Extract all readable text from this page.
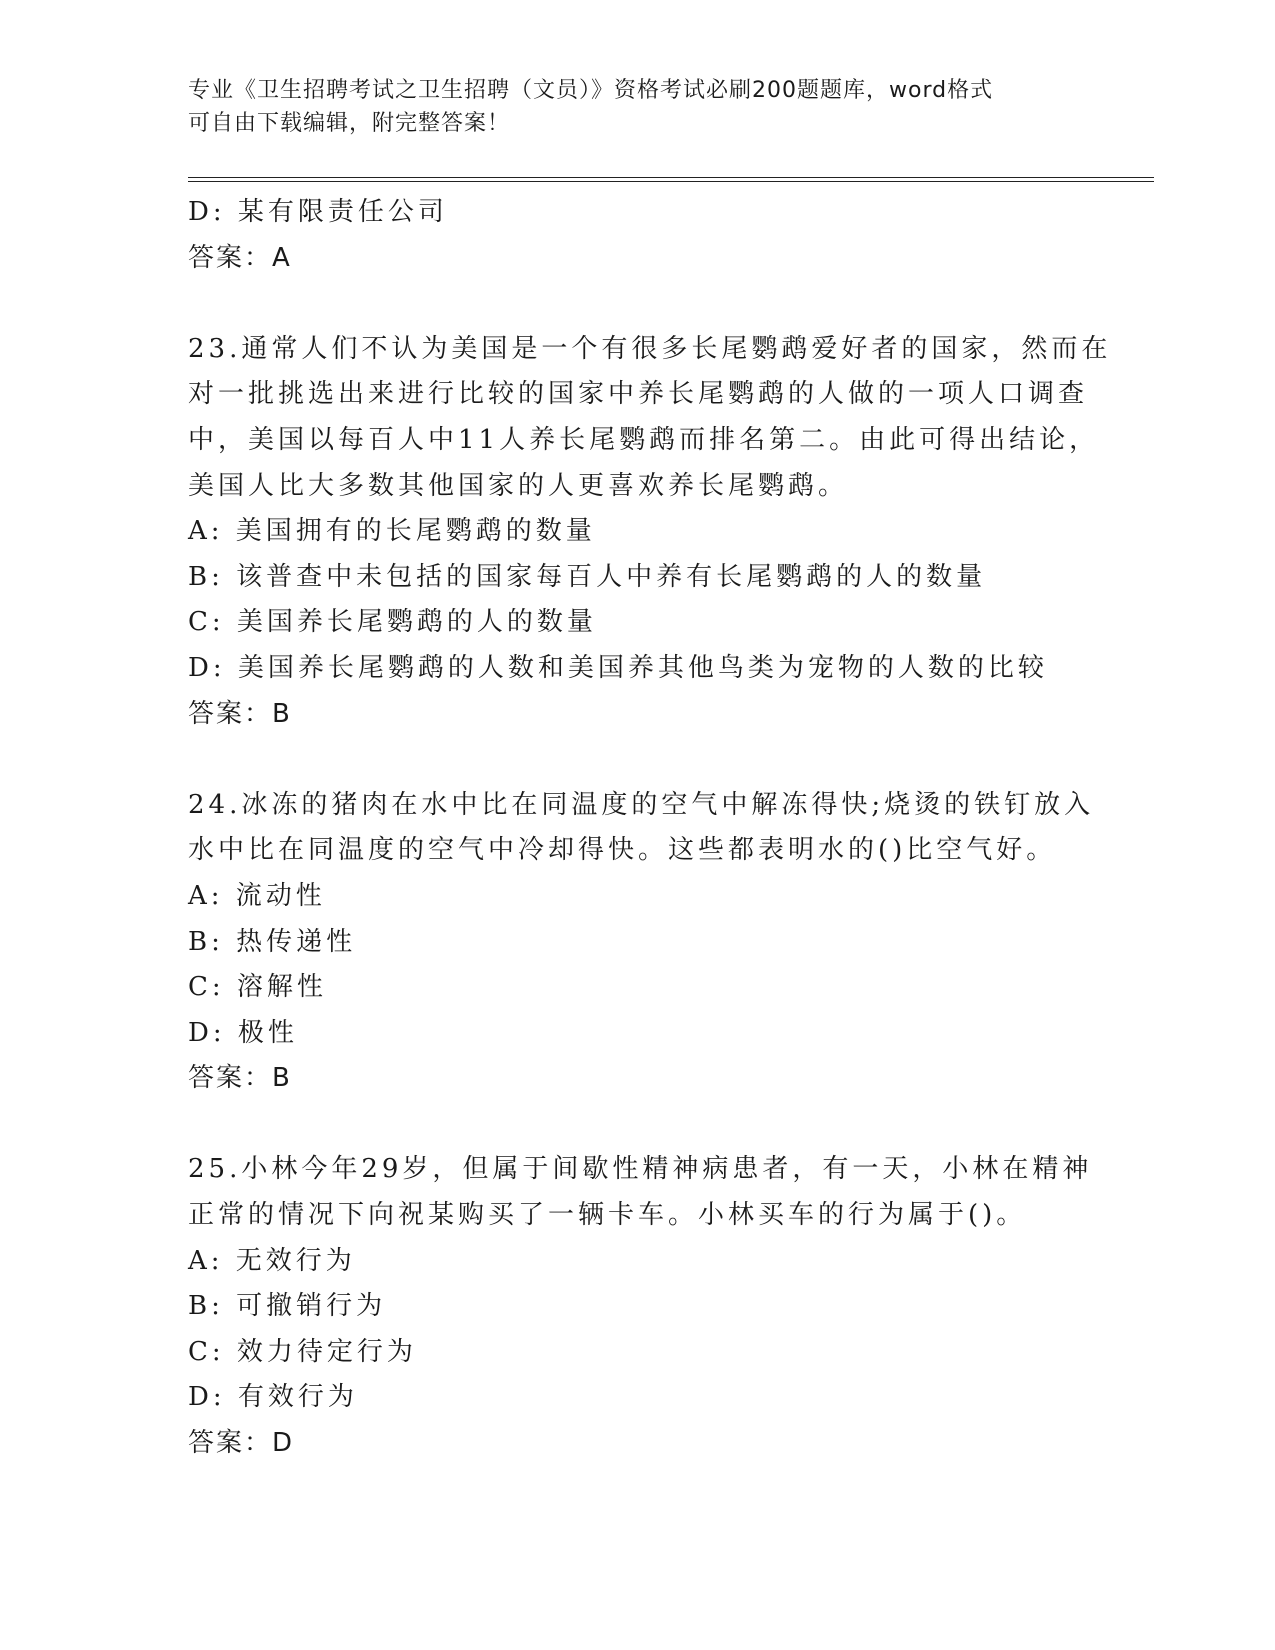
专业《卫生招聘考试之卫生招聘（文员）》资格考试必刷200题题库，word格式
可自由下载编辑，附完整答案！
D: 某有限责任公司
答案：A
23.通常人们不认为美国是一个有很多长尾鹦鹉爱好者的国家，然而在
对一批挑选出来进行比较的国家中养长尾鹦鹉的人做的一项人口调查
中，美国以每百人中11人养长尾鹦鹉而排名第二。由此可得出结论，
美国人比大多数其他国家的人更喜欢养长尾鹦鹉。
A: 美国拥有的长尾鹦鹉的数量
B: 该普查中未包括的国家每百人中养有长尾鹦鹉的人的数量
C: 美国养长尾鹦鹉的人的数量
D: 美国养长尾鹦鹉的人数和美国养其他鸟类为宠物的人数的比较
答案：B
24.冰冻的猪肉在水中比在同温度的空气中解冻得快;烧烫的铁钉放入
水中比在同温度的空气中冷却得快。这些都表明水的()比空气好。
A: 流动性
B: 热传递性
C: 溶解性
D: 极性
答案：B
25.小林今年29岁，但属于间歇性精神病患者，有一天，小林在精神
正常的情况下向祝某购买了一辆卡车。小林买车的行为属于()。
A: 无效行为
B: 可撤销行为
C: 效力待定行为
D: 有效行为
答案：D
